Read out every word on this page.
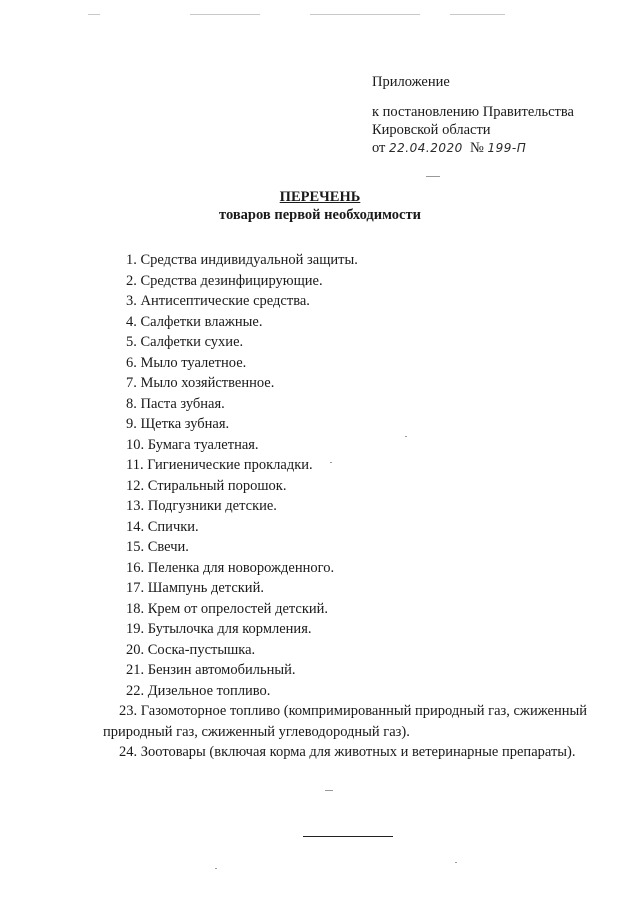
Приложение
к постановлению Правительства
Кировской области
от 22.04.2020 № 199-П
ПЕРЕЧЕНЬ
товаров первой необходимости
1. Средства индивидуальной защиты.
2. Средства дезинфицирующие.
3. Антисептические средства.
4. Салфетки влажные.
5. Салфетки сухие.
6. Мыло туалетное.
7. Мыло хозяйственное.
8. Паста зубная.
9. Щетка зубная.
10. Бумага туалетная.
11. Гигиенические прокладки.
12. Стиральный порошок.
13. Подгузники детские.
14. Спички.
15. Свечи.
16. Пеленка для новорожденного.
17. Шампунь детский.
18. Крем от опрелостей детский.
19. Бутылочка для кормления.
20. Соска-пустышка.
21. Бензин автомобильный.
22. Дизельное топливо.
23. Газомоторное топливо (компримированный природный газ, сжиженный природный газ, сжиженный углеводородный газ).
24. Зоотовары (включая корма для животных и ветеринарные препараты).
